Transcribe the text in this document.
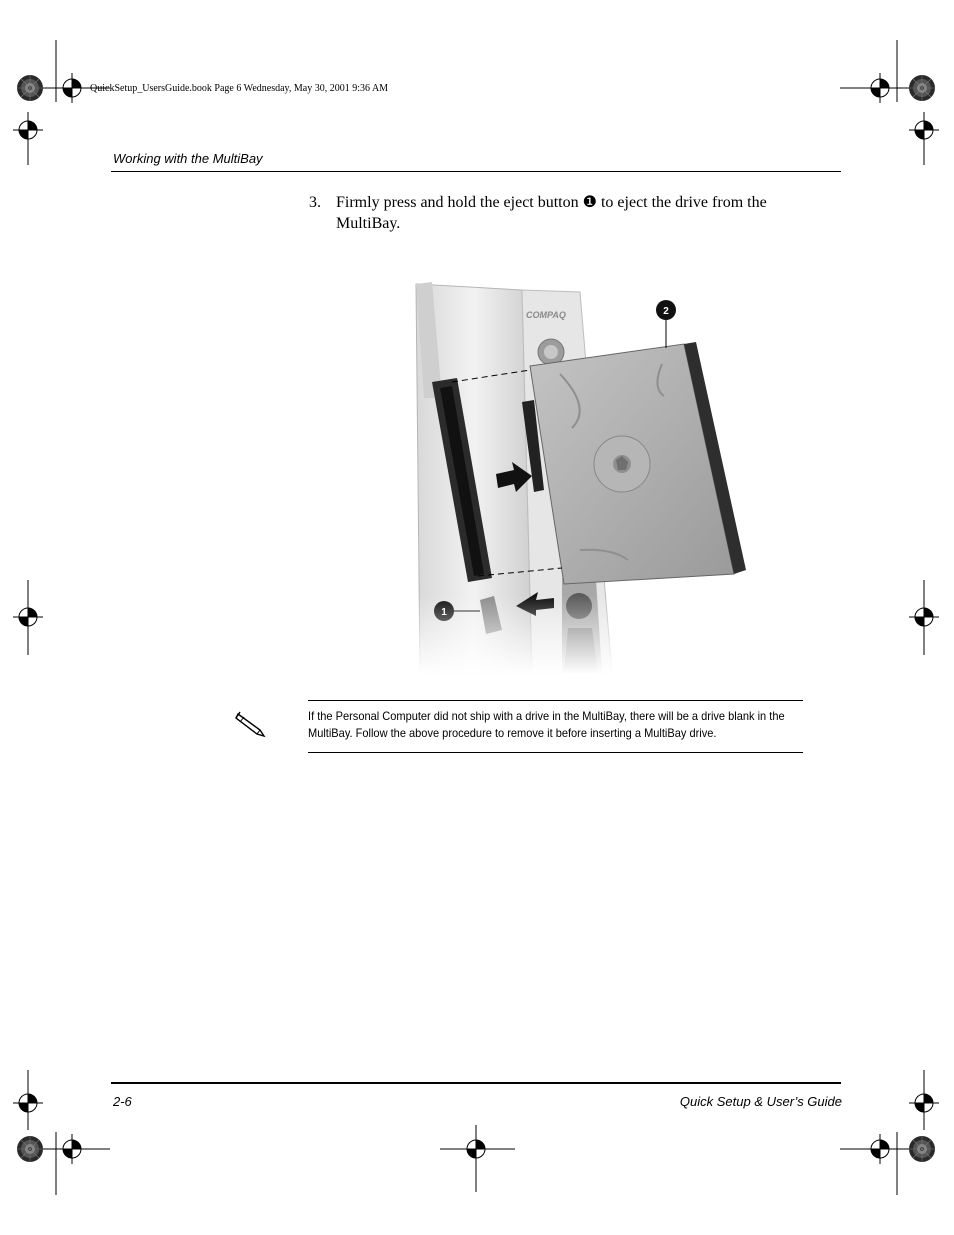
QuickSetup_UsersGuide.book Page 6 Wednesday, May 30, 2001 9:36 AM
Working with the MultiBay
3. Firmly press and hold the eject button ❶ to eject the drive from the MultiBay.
If the Personal Computer did not ship with a drive in the MultiBay, there will be a drive blank in the MultiBay. Follow the above procedure to remove it before inserting a MultiBay drive.
2-6	Quick Setup & User’s Guide
